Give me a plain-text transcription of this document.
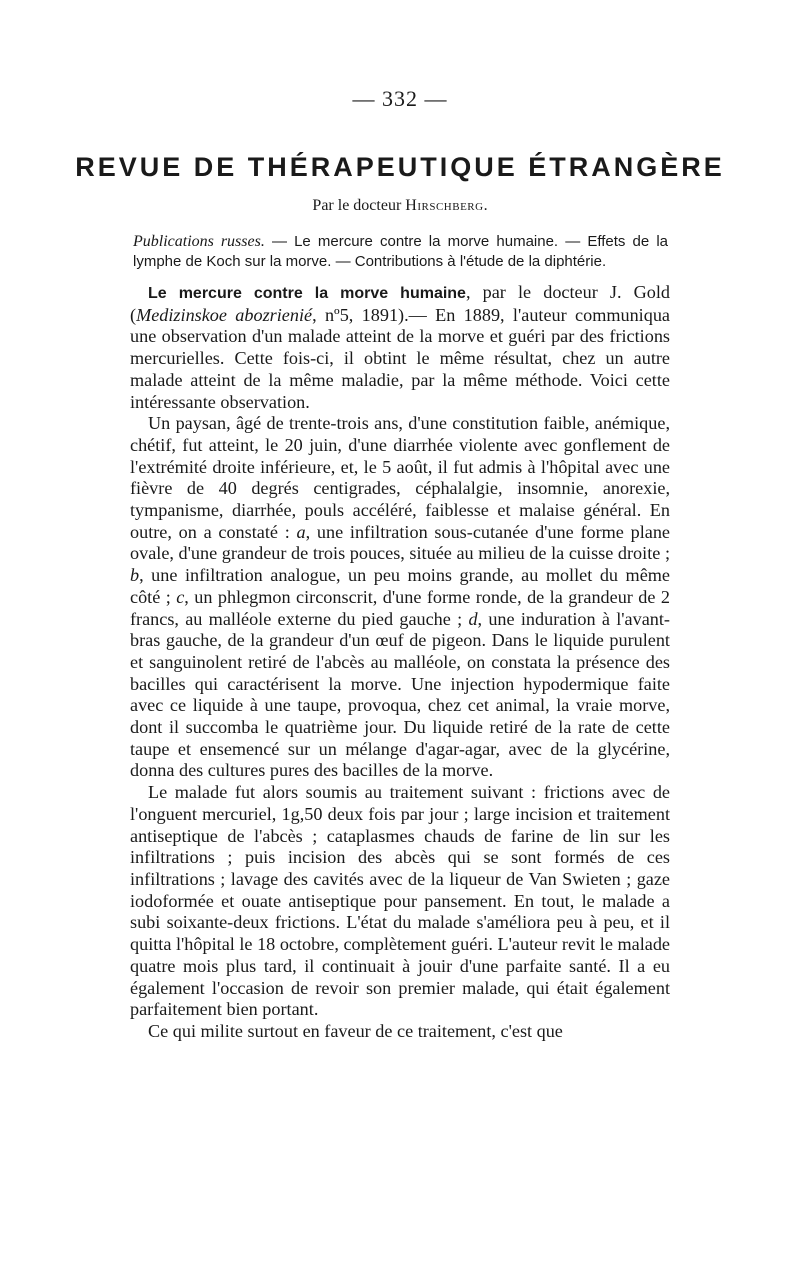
— 332 —
REVUE DE THÉRAPEUTIQUE ÉTRANGÈRE
Par le docteur Hirschberg.
Publications russes. — Le mercure contre la morve humaine. — Effets de la lymphe de Koch sur la morve. — Contributions à l'étude de la diphtérie.

Le mercure contre la morve humaine, par le docteur J. Gold (Medizinskoe abozrienié, nº5, 1891).— En 1889, l'auteur communiqua une observation d'un malade atteint de la morve et guéri par des frictions mercurielles. Cette fois-ci, il obtint le même résultat, chez un autre malade atteint de la même maladie, par la même méthode. Voici cette intéressante observation.

Un paysan, âgé de trente-trois ans, d'une constitution faible, anémique, chétif, fut atteint, le 20 juin, d'une diarrhée violente avec gonflement de l'extrémité droite inférieure, et, le 5 août, il fut admis à l'hôpital avec une fièvre de 40 degrés centigrades, céphalalgie, insomnie, anorexie, tympanisme, diarrhée, pouls accéléré, faiblesse et malaise général. En outre, on a constaté : a, une infiltration sous-cutanée d'une forme plane ovale, d'une grandeur de trois pouces, située au milieu de la cuisse droite ; b, une infiltration analogue, un peu moins grande, au mollet du même côté ; c, un phlegmon circonscrit, d'une forme ronde, de la grandeur de 2 francs, au malléole externe du pied gauche ; d, une induration à l'avant-bras gauche, de la grandeur d'un œuf de pigeon. Dans le liquide purulent et sanguinolent retiré de l'abcès au malléole, on constata la présence des bacilles qui caractérisent la morve. Une injection hypodermique faite avec ce liquide à une taupe, provoqua, chez cet animal, la vraie morve, dont il succomba le quatrième jour. Du liquide retiré de la rate de cette taupe et ensemencé sur un mélange d'agar-agar, avec de la glycérine, donna des cultures pures des bacilles de la morve.

Le malade fut alors soumis au traitement suivant : frictions avec de l'onguent mercuriel, 1g,50 deux fois par jour ; large incision et traitement antiseptique de l'abcès ; cataplasmes chauds de farine de lin sur les infiltrations ; puis incision des abcès qui se sont formés de ces infiltrations ; lavage des cavités avec de la liqueur de Van Swieten ; gaze iodoformée et ouate antiseptique pour pansement. En tout, le malade a subi soixante-deux frictions. L'état du malade s'améliora peu à peu, et il quitta l'hôpital le 18 octobre, complètement guéri. L'auteur revit le malade quatre mois plus tard, il continuait à jouir d'une parfaite santé. Il a eu également l'occasion de revoir son premier malade, qui était également parfaitement bien portant.

Ce qui milite surtout en faveur de ce traitement, c'est que
